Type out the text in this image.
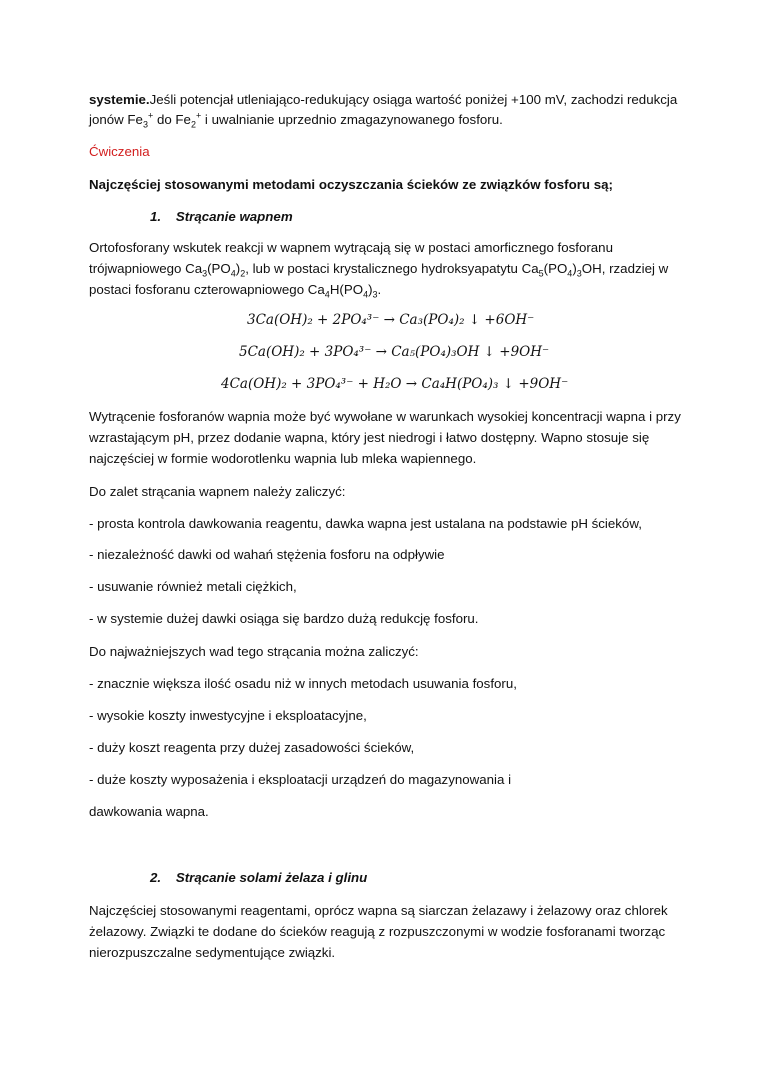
systemie.Jeśli potencjał utleniająco-redukujący osiąga wartość poniżej +100 mV, zachodzi redukcja
jonów $Fe_3^+$ do $Fe_2^+$ i uwalnianie uprzednio zmagazynowanego fosforu.
Ćwiczenia
Najczęściej stosowanymi metodami oczyszczania ścieków ze związków fosforu są;
1. Strącanie wapnem
Ortofosforany wskutek reakcji w wapnem wytrącają się w postaci amorficznego fosforanu
trójwapniowego $Ca_3(PO_4)_2$, lub w postaci krystalicznego hydroksyapatytu $Ca_5(PO_4)_3OH$, rzadziej w
postaci fosforanu czterowapniowego $Ca_4H(PO_4)_3$.
3Ca(OH)₂ + 2PO₄³⁻ → Ca₃(PO₄)₂ ↓ +6OH⁻
5Ca(OH)₂ + 3PO₄³⁻ → Ca₅(PO₄)₃OH ↓ +9OH⁻
4Ca(OH)₂ + 3PO₄³⁻ + H₂O → Ca₄H(PO₄)₃ ↓ +9OH⁻
Wytrącenie fosforanów wapnia może być wywołane w warunkach wysokiej koncentracji wapna i przy
wzrastającym pH, przez dodanie wapna, który jest niedrogi i łatwo dostępny. Wapno stosuje się
najczęściej w formie wodorotlenku wapnia lub mleka wapiennego.
Do zalet strącania wapnem należy zaliczyć:
- prosta kontrola dawkowania reagentu, dawka wapna jest ustalana na podstawie pH ścieków,
- niezależność dawki od wahań stężenia fosforu na odpływie
- usuwanie również metali ciężkich,
- w systemie dużej dawki osiąga się bardzo dużą redukcję fosforu.
Do najważniejszych wad tego strącania można zaliczyć:
- znacznie większa ilość osadu niż w innych metodach usuwania fosforu,
- wysokie koszty inwestycyjne i eksploatacyjne,
- duży koszt reagenta przy dużej zasadowości ścieków,
- duże koszty wyposażenia i eksploatacji urządzeń do magazynowania i
dawkowania wapna.
2. Strącanie solami żelaza i glinu
Najczęściej stosowanymi reagentami, oprócz wapna są siarczan żelazawy i żelazowy oraz chlorek
żelazowy. Związki te dodane do ścieków reagują z rozpuszczonymi w wodzie fosforanami tworząc
nierozpuszczalne sedymentujące związki.
